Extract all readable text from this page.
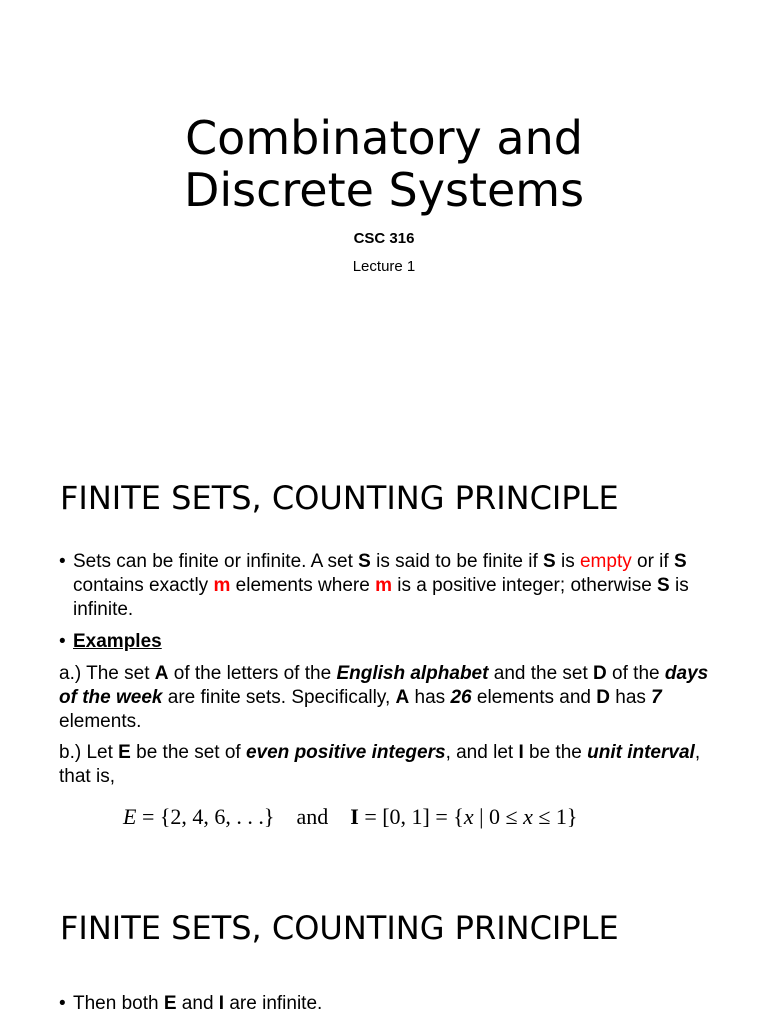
Combinatory and
Discrete Systems
CSC 316
Lecture 1
FINITE SETS, COUNTING PRINCIPLE
• Sets can be finite or infinite. A set S is said to be finite if S is empty or if S contains exactly m elements where m is a positive integer; otherwise S is infinite.
• Examples
a.) The set A of the letters of the English alphabet and the set D of the days of the week are finite sets. Specifically, A has 26 elements and D has 7 elements.
b.) Let E be the set of even positive integers, and let I be the unit interval, that is,
E = {2, 4, 6, . . .}    and    I = [0, 1] = {x | 0 ≤ x ≤ 1}
FINITE SETS, COUNTING PRINCIPLE
• Then both E and I are infinite.
